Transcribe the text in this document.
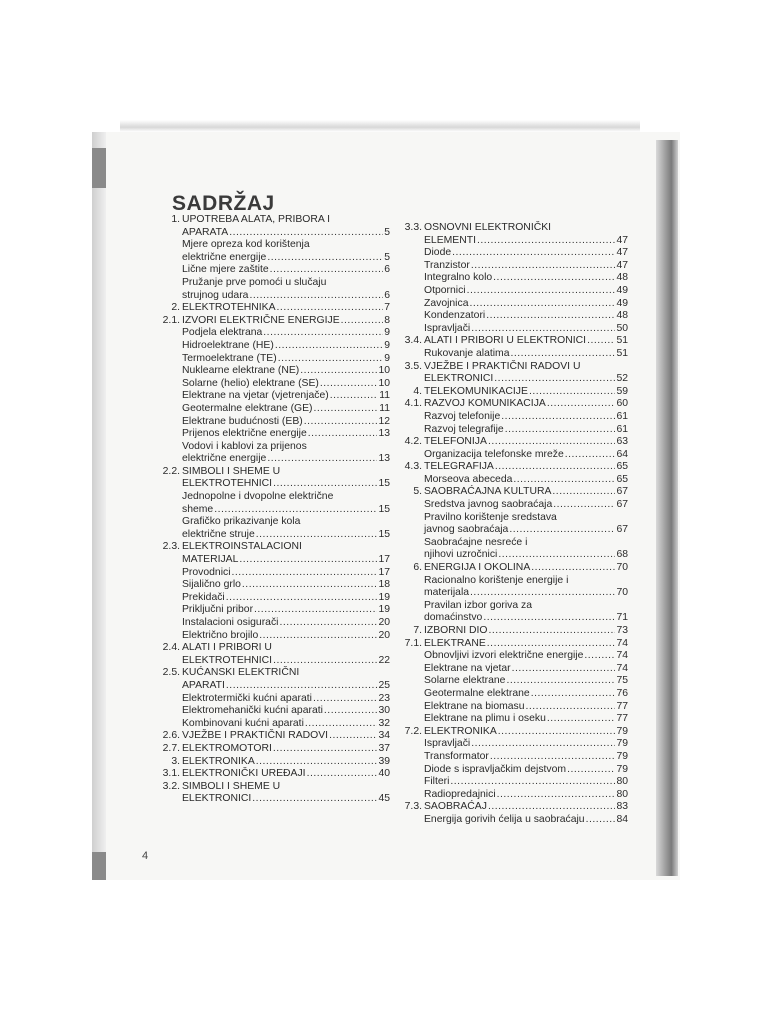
SADRŽAJ
1. UPOTREBA ALATA, PRIBORA I
APARATA .....	5
Mjere opreza kod korištenja
električne energije .....	5
Lične mjere zaštite .....	6
Pružanje prve pomoći u slučaju
strujnog udara .....	6
2. ELEKTROTEHNIKA .....	7
2.1. IZVORI ELEKTRIČNE ENERGIJE .....	8
Podjela elektrana .....	9
Hidroelektrane (HE) .....	9
Termoelektrane (TE) .....	9
Nuklearne elektrane (NE) .....	10
Solarne (helio) elektrane (SE) .....	10
Elektrane na vjetar (vjetrenjače) .....	11
Geotermalne elektrane (GE) .....	11
Elektrane budućnosti (EB) .....	12
Prijenos električne energije .....	13
Vodovi i kablovi za prijenos
električne energije .....	13
2.2. SIMBOLI I SHEME U
ELEKTROTEHNICI .....	15
Jednopolne i dvopolne električne
sheme .....	15
Grafičko prikazivanje kola
električne struje .....	15
2.3. ELEKTROINSTALACIONI
MATERIJAL .....	17
Provodnici .....	17
Sijalično grlo .....	18
Prekidači .....	19
Priključni pribor .....	19
Instalacioni osigurači .....	20
Električno brojilo .....	20
2.4. ALATI I PRIBORI U
ELEKTROTEHNICI .....	22
2.5. KUĆANSKI ELEKTRIČNI
APARATI .....	25
Elektrotermički kućni aparati .....	23
Elektromehanički kućni aparati .....	30
Kombinovani kućni aparati .....	32
2.6. VJEŽBE I PRAKTIČNI RADOVI .....	34
2.7. ELEKTROMOTORI .....	37
3. ELEKTRONIKA .....	39
3.1. ELEKTRONIČKI UREĐAJI .....	40
3.2. SIMBOLI I SHEME U
ELEKTRONICI .....	45
3.3. OSNOVNI ELEKTRONIČKI
ELEMENTI .....	47
Diode .....	47
Tranzistor .....	47
Integralno kolo .....	48
Otpornici .....	49
Zavojnica .....	49
Kondenzatori .....	48
Ispravljači .....	50
3.4. ALATI I PRIBORI U ELEKTRONICI .....	51
Rukovanje alatima .....	51
3.5. VJEŽBE I PRAKTIČNI RADOVI U
ELEKTRONICI .....	52
4. TELEKOMUNIKACIJE .....	59
4.1. RAZVOJ KOMUNIKACIJA .....	60
Razvoj telefonije .....	61
Razvoj telegrafije .....	61
4.2. TELEFONIJA .....	63
Organizacija telefonske mreže .....	64
4.3. TELEGRAFIJA .....	65
Morseova abeceda .....	65
5. SAOBRAĆAJNA KULTURA .....	67
Sredstva javnog saobraćaja .....	67
Pravilno korištenje sredstava
javnog saobraćaja .....	67
Saobraćajne nesreće i
njihovi uzročnici .....	68
6. ENERGIJA I OKOLINA .....	70
Racionalno korištenje energije i
materijala .....	70
Pravilan izbor goriva za
domaćinstvo .....	71
7. IZBORNI DIO .....	73
7.1. ELEKTRANE .....	74
Obnovljivi izvori električne energije .....	74
Elektrane na vjetar .....	74
Solarne elektrane .....	75
Geotermalne elektrane .....	76
Elektrane na biomasu .....	77
Elektrane na plimu i oseku .....	77
7.2. ELEKTRONIKA .....	79
Ispravljači .....	79
Transformator .....	79
Diode s ispravljačkim dejstvom .....	79
Filteri .....	80
Radiopredajnici .....	80
7.3. SAOBRAĆAJ .....	83
Energija gorivih ćelija u saobraćaju .....	84
4
